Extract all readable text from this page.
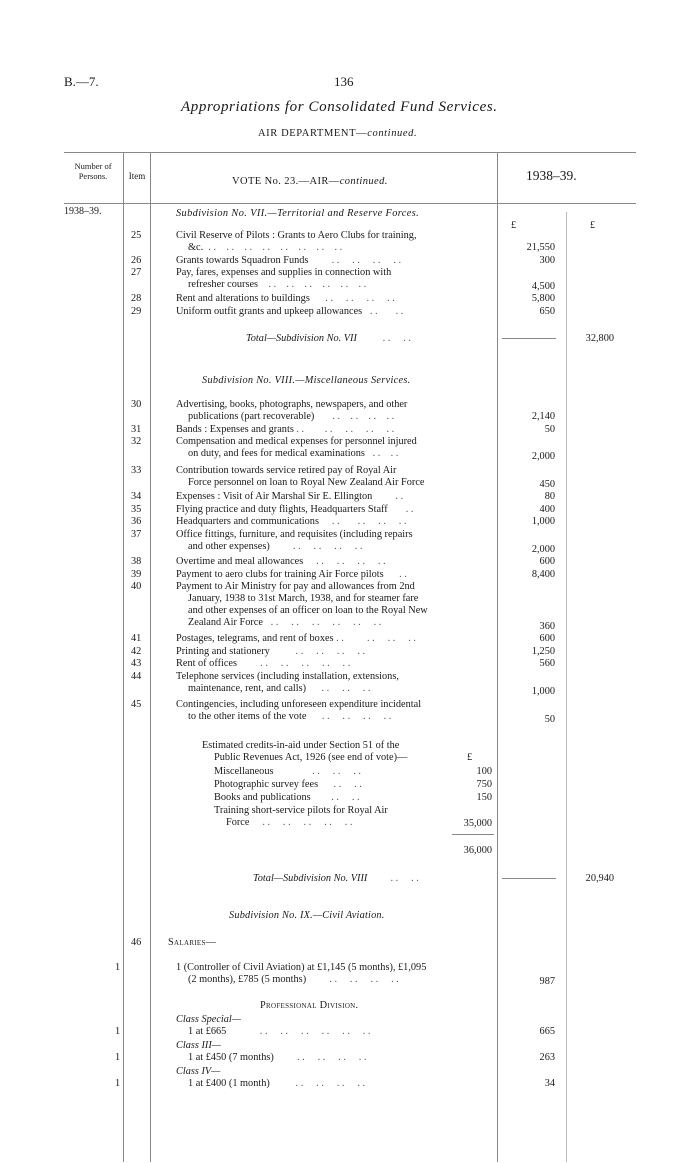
B.—7.	136
Appropriations for Consolidated Fund Services.
AIR DEPARTMENT—continued.
Number of Persons.	Item	VOTE No. 23.—AIR—continued.	1938–39.
1938–39.
£	£
Subdivision No. VII.—Territorial and Reserve Forces.
25	Civil Reserve of Pilots : Grants to Aero Clubs for training,
&c.  . .    . .    . .    . .    . .    . .    . .    . .	21,550
26	Grants towards Squadron Funds         . .     . .     . .     . .	300
27	Pay, fares, expenses and supplies in connection with
refresher courses    . .    . .    . .    . .    . .    . .	4,500
28	Rent and alterations to buildings      . .     . .     . .     . .	5,800
29	Uniform outfit grants and upkeep allowances   . .       . .	650
Total—Subdivision No. VII          . .     . .	32,800
Subdivision No. VIII.—Miscellaneous Services.
30	Advertising, books, photographs, newspapers, and other
publications (part recoverable)       . .    . .    . .    . .	2,140
31	Bands : Expenses and grants . .        . .     . .     . .     . .	50
32	Compensation and medical expenses for personnel injured
on duty, and fees for medical examinations   . .    . .	2,000
33	Contribution towards service retired pay of Royal Air
Force personnel on loan to Royal New Zealand Air Force	450
34	Expenses : Visit of Air Marshal Sir E. Ellington         . .	80
35	Flying practice and duty flights, Headquarters Staff       . .	400
36	Headquarters and communications     . .       . .     . .     . .	1,000
37	Office fittings, furniture, and requisites (including repairs
and other expenses)         . .     . .     . .     . .	2,000
38	Overtime and meal allowances     . .     . .     . .     . .	600
39	Payment to aero clubs for training Air Force pilots      . .	8,400
40	Payment to Air Ministry for pay and allowances from 2nd
January, 1938 to 31st March, 1938, and for steamer fare
and other expenses of an officer on loan to the Royal New
Zealand Air Force   . .     . .     . .     . .     . .     . .	360
41	Postages, telegrams, and rent of boxes . .         . .     . .     . .	600
42	Printing and stationery          . .     . .     . .     . .	1,250
43	Rent of offices         . .     . .     . .     . .     . .	560
44	Telephone services (including installation, extensions,
maintenance, rent, and calls)      . .     . .     . .	1,000
45	Contingencies, including unforeseen expenditure incidental
to the other items of the vote      . .     . .     . .     . .	50
Estimated credits-in-aid under Section 51 of the
Public Revenues Act, 1926 (see end of vote)—	£
Miscellaneous               . .     . .     . .	100
Photographic survey fees      . .     . .	750
Books and publications        . .     . .	150
Training short-service pilots for Royal Air
Force     . .     . .     . .     . .     . .	35,000
36,000
Total—Subdivision No. VIII         . .     . .	20,940
Subdivision No. IX.—Civil Aviation.
46	Salaries—
1	1 (Controller of Civil Aviation) at £1,145 (5 months), £1,095
(2 months), £785 (5 months)         . .     . .     . .     . .	987
Professional Division.
Class Special—
1	1 at £665             . .     . .     . .     . .     . .     . .	665
Class III—
1	1 at £450 (7 months)         . .     . .     . .     . .	263
Class IV—
1	1 at £400 (1 month)          . .     . .     . .     . .	34
